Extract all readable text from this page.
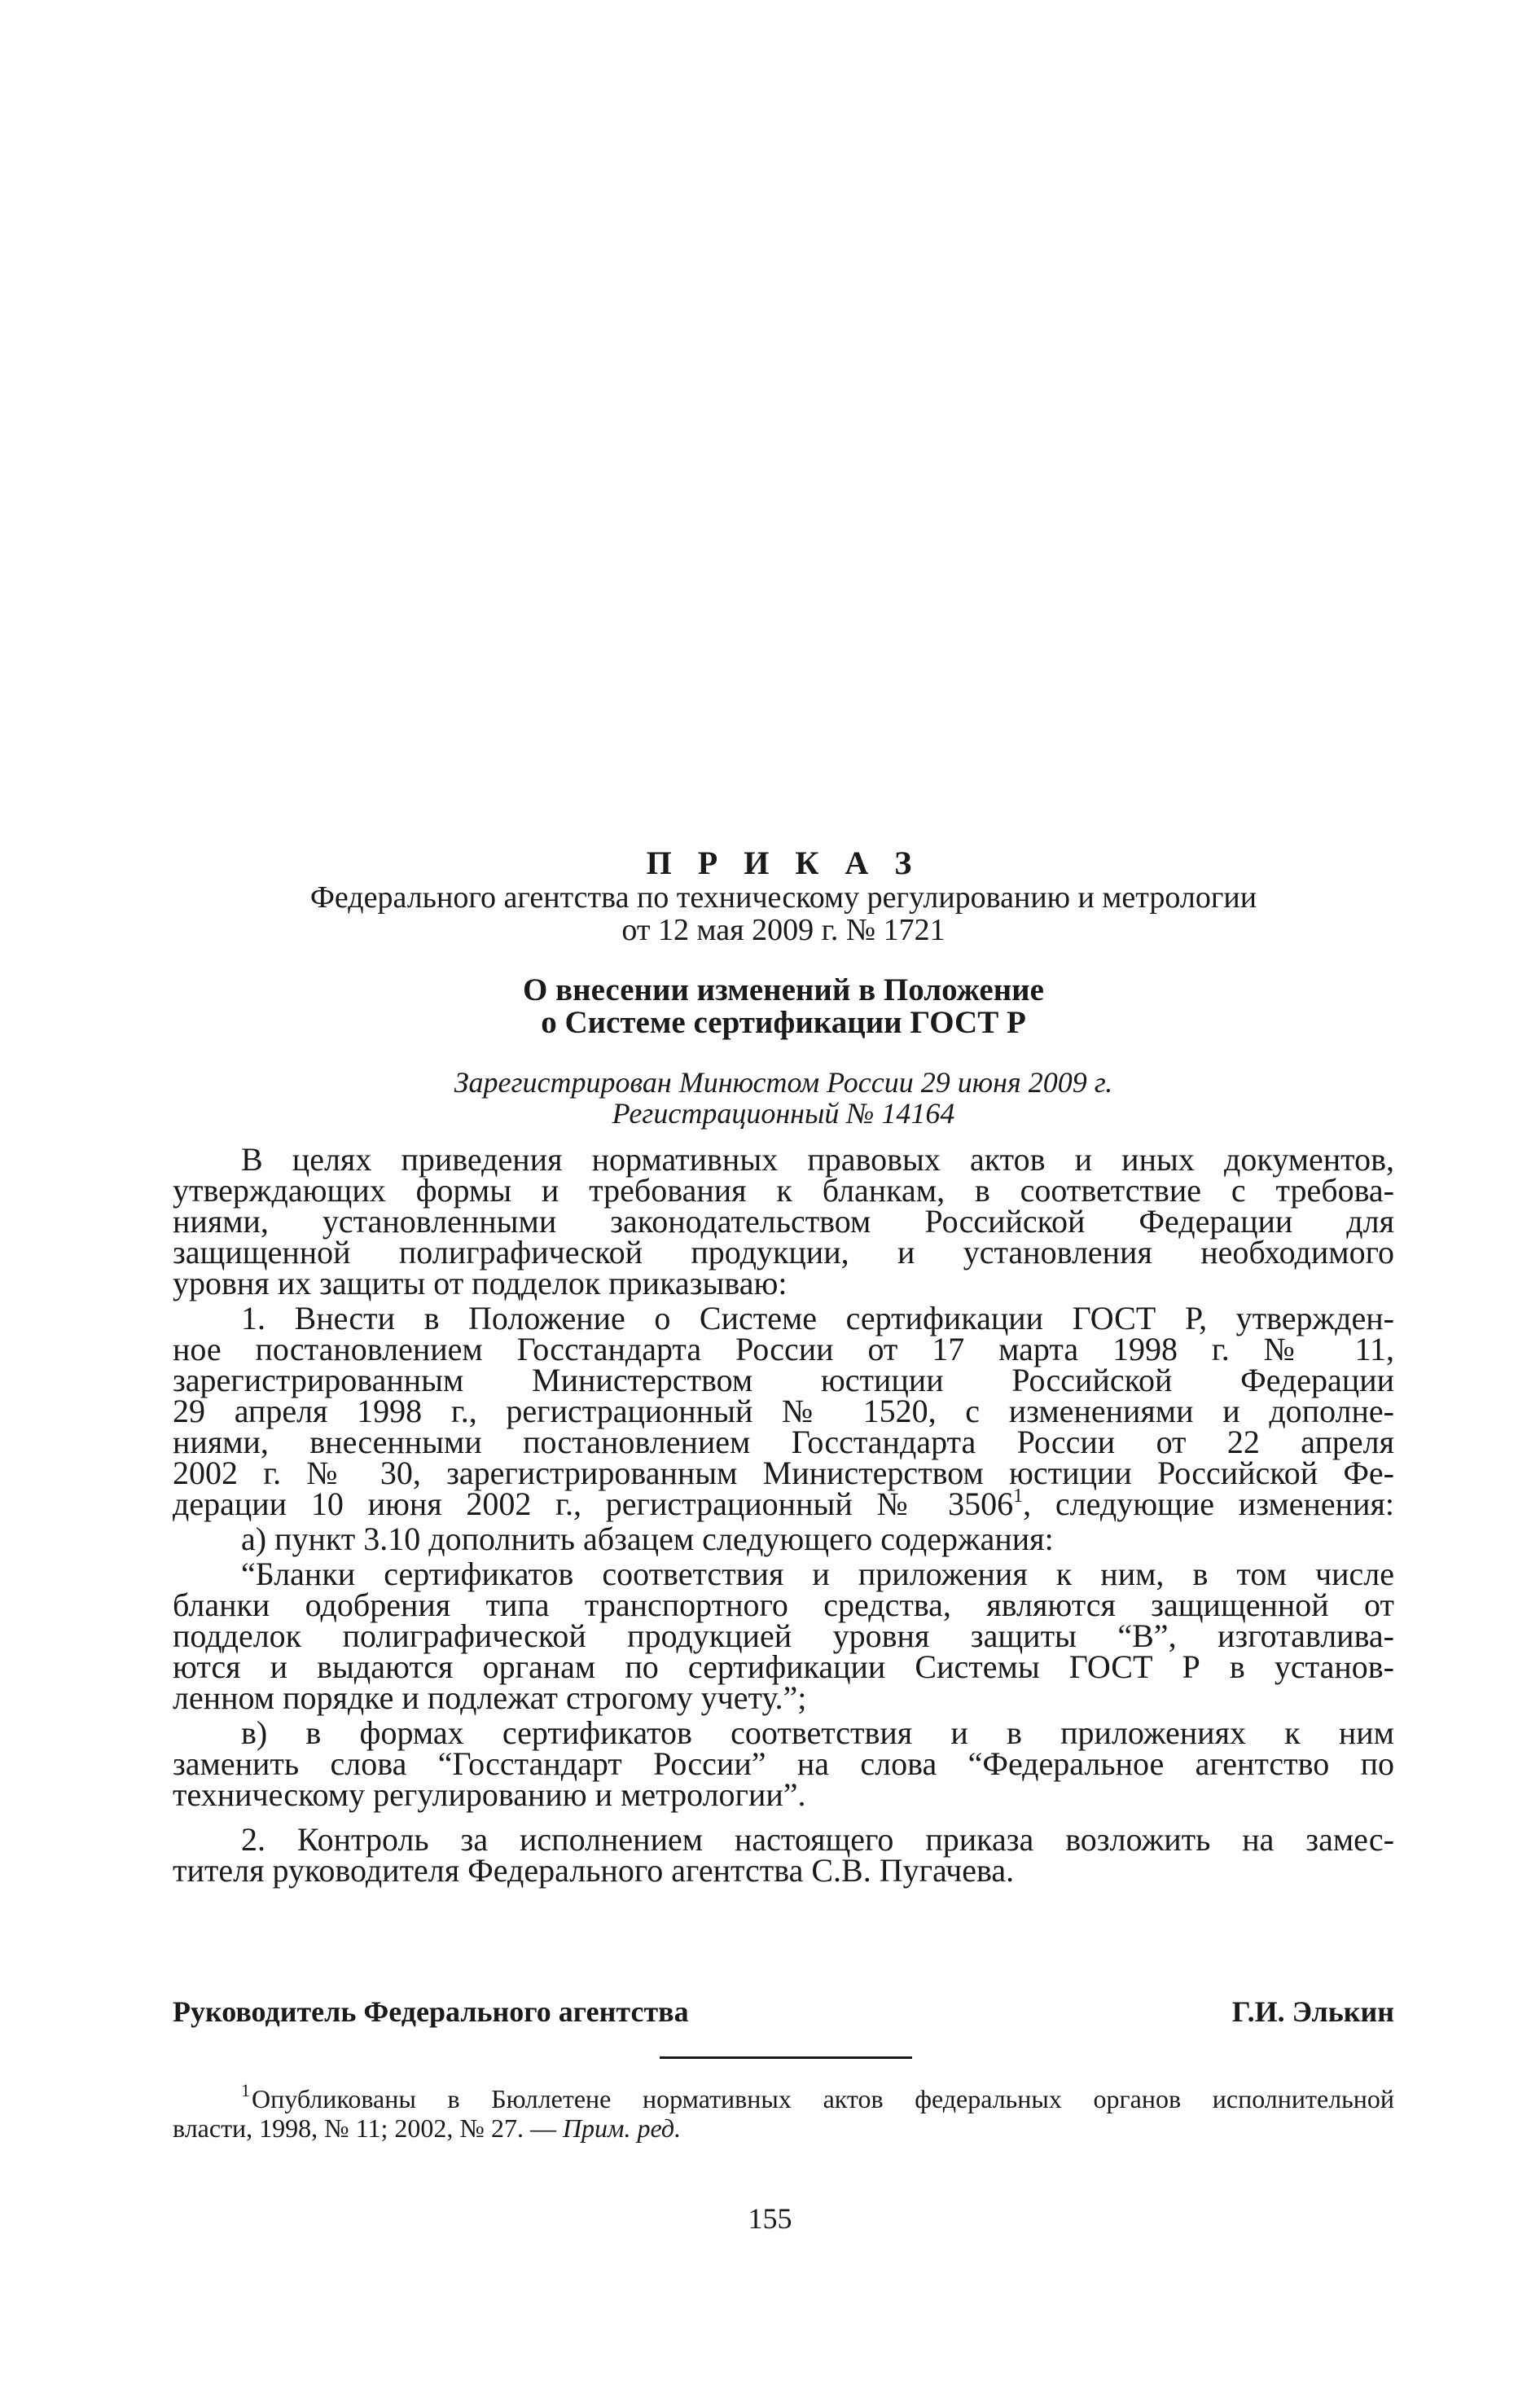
П Р И К А З
Федерального агентства по техническому регулированию и метрологии
от 12 мая 2009 г. № 1721
О внесении изменений в Положение
о Системе сертификации ГОСТ Р
Зарегистрирован Минюстом России 29 июня 2009 г.
Регистрационный № 14164
В целях приведения нормативных правовых актов и иных документов,
утверждающих формы и требования к бланкам, в соответствие с требова-
ниями, установленными законодательством Российской Федерации для
защищенной полиграфической продукции, и установления необходимого
уровня их защиты от подделок приказываю:
1. Внести в Положение о Системе сертификации ГОСТ Р, утвержден-
ное постановлением Госстандарта России от 17 марта 1998 г. № 11,
зарегистрированным Министерством юстиции Российской Федерации
29 апреля 1998 г., регистрационный № 1520, с изменениями и дополне-
ниями, внесенными постановлением Госстандарта России от 22 апреля
2002 г. № 30, зарегистрированным Министерством юстиции Российской Фе-
дерации 10 июня 2002 г., регистрационный № 3506$^1$, следующие изменения:
а) пункт 3.10 дополнить абзацем следующего содержания:
“Бланки сертификатов соответствия и приложения к ним, в том числе
бланки одобрения типа транспортного средства, являются защищенной от
подделок полиграфической продукцией уровня защиты “В”, изготавлива-
ются и выдаются органам по сертификации Системы ГОСТ Р в установ-
ленном порядке и подлежат строгому учету.”;
в) в формах сертификатов соответствия и в приложениях к ним
заменить слова “Госстандарт России” на слова “Федеральное агентство по
техническому регулированию и метрологии”.
2. Контроль за исполнением настоящего приказа возложить на замес-
тителя руководителя Федерального агентства С.В. Пугачева.
Руководитель Федерального агентства	Г.И. Элькин
$^1$Опубликованы в Бюллетене нормативных актов федеральных органов исполнительной
власти, 1998, № 11; 2002, № 27. — Прим. ред.
155
